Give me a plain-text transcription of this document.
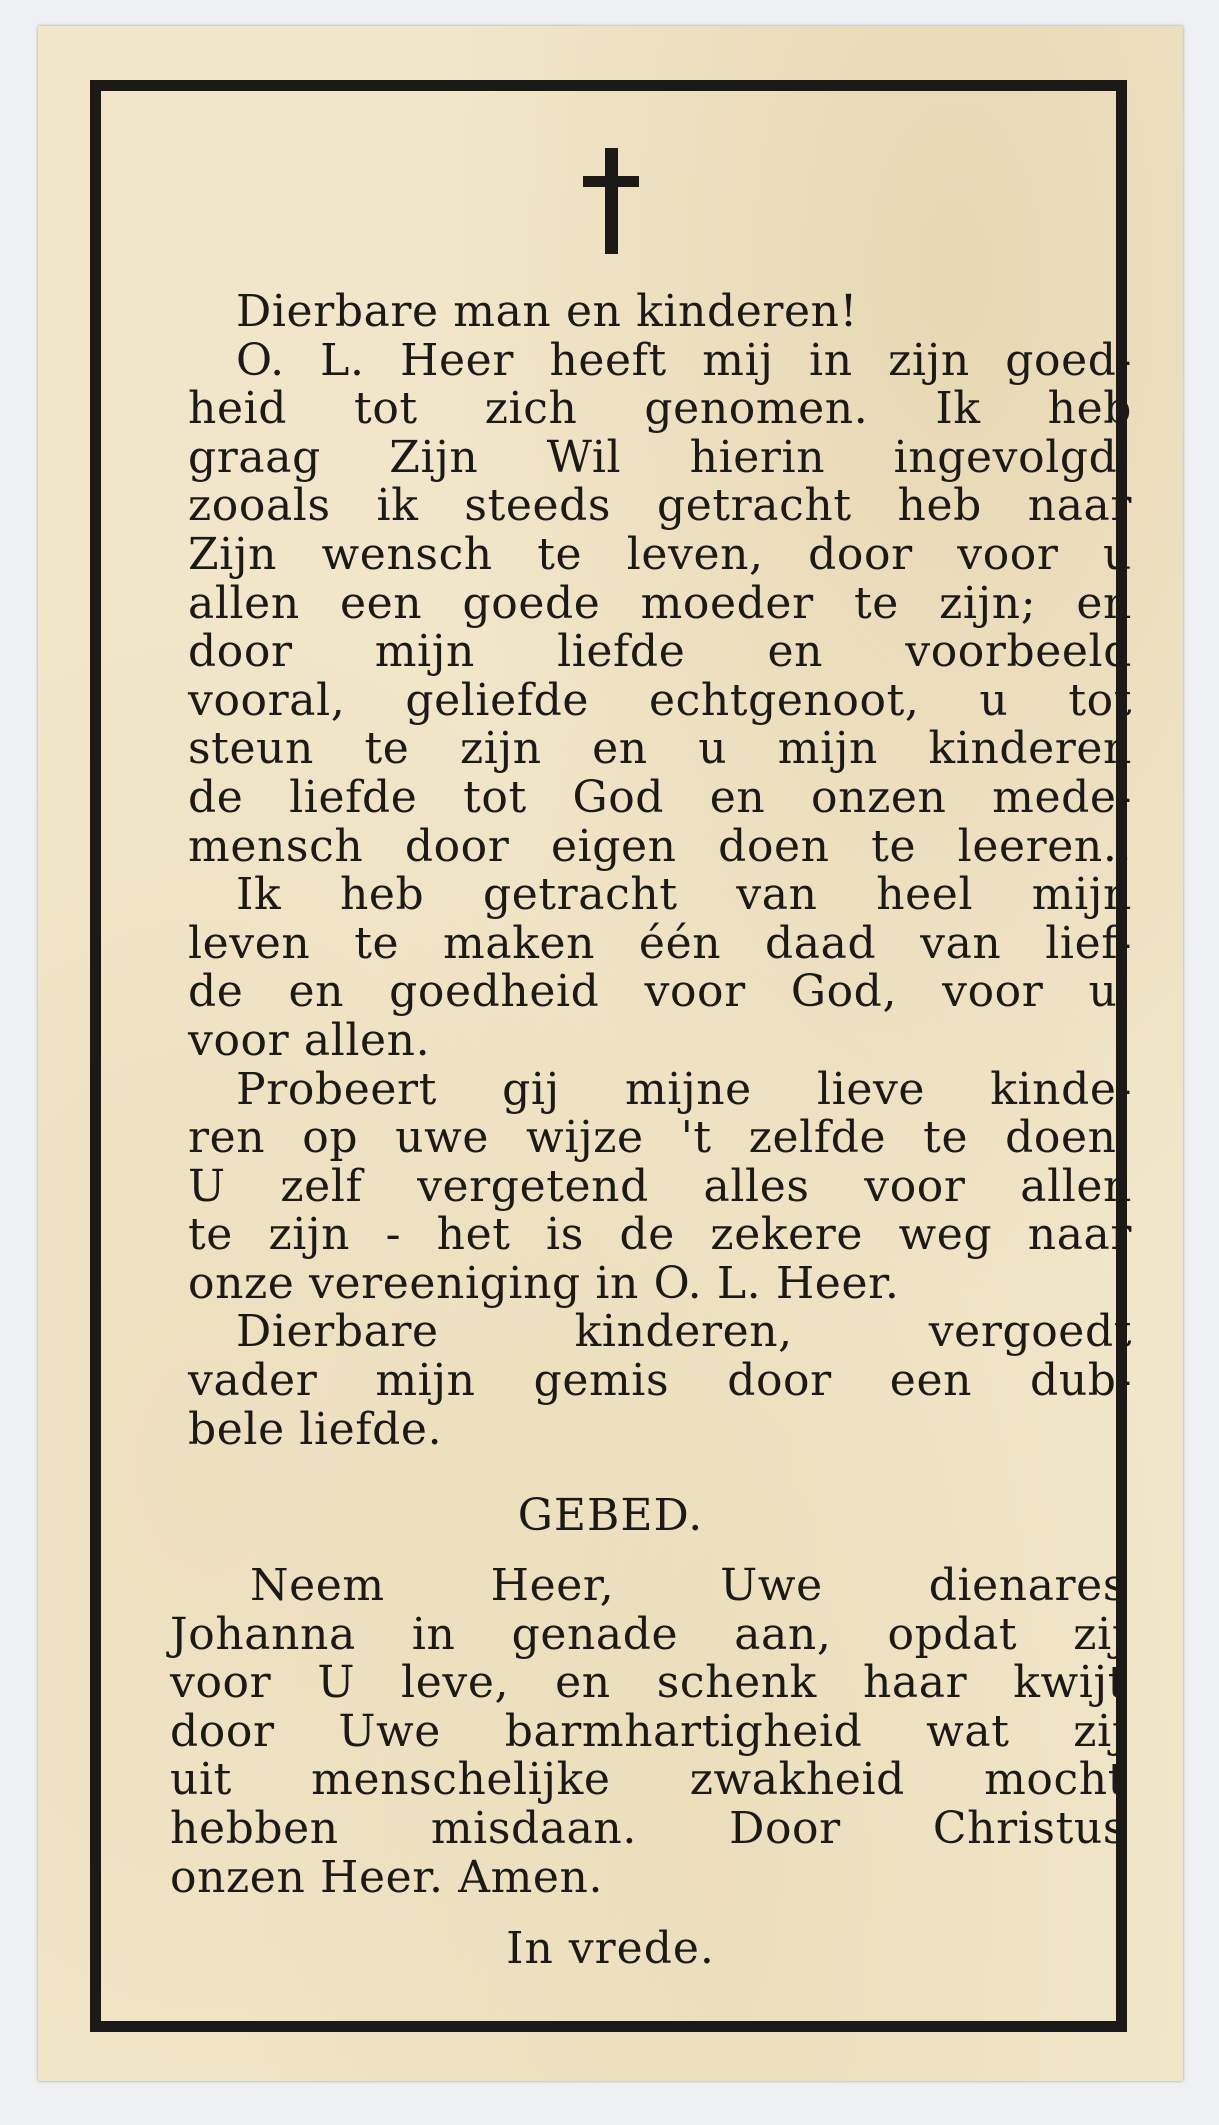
Dierbare man en kinderen!
O. L. Heer heeft mij in zijn goed-
heid tot zich genomen. Ik heb
graag Zijn Wil hierin ingevolgd,
zooals ik steeds getracht heb naar
Zijn wensch te leven, door voor u
allen een goede moeder te zijn; en
door mijn liefde en voorbeeld
vooral, geliefde echtgenoot, u tot
steun te zijn en u mijn kinderen
de liefde tot God en onzen mede-
mensch door eigen doen te leeren..
Ik heb getracht van heel mijn
leven te maken één daad van lief-
de en goedheid voor God, voor u,
voor allen.
Probeert gij mijne lieve kinde-
ren op uwe wijze 't zelfde te doen:
U zelf vergetend alles voor allen
te zijn - het is de zekere weg naar
onze vereeniging in O. L. Heer.
Dierbare kinderen, vergoedt
vader mijn gemis door een dub-
bele liefde.
GEBED.
Neem Heer, Uwe dienares
Johanna in genade aan, opdat zij
voor U leve, en schenk haar kwijt
door Uwe barmhartigheid wat zij
uit menschelijke zwakheid mocht
hebben misdaan. Door Christus
onzen Heer. Amen.
In vrede.
